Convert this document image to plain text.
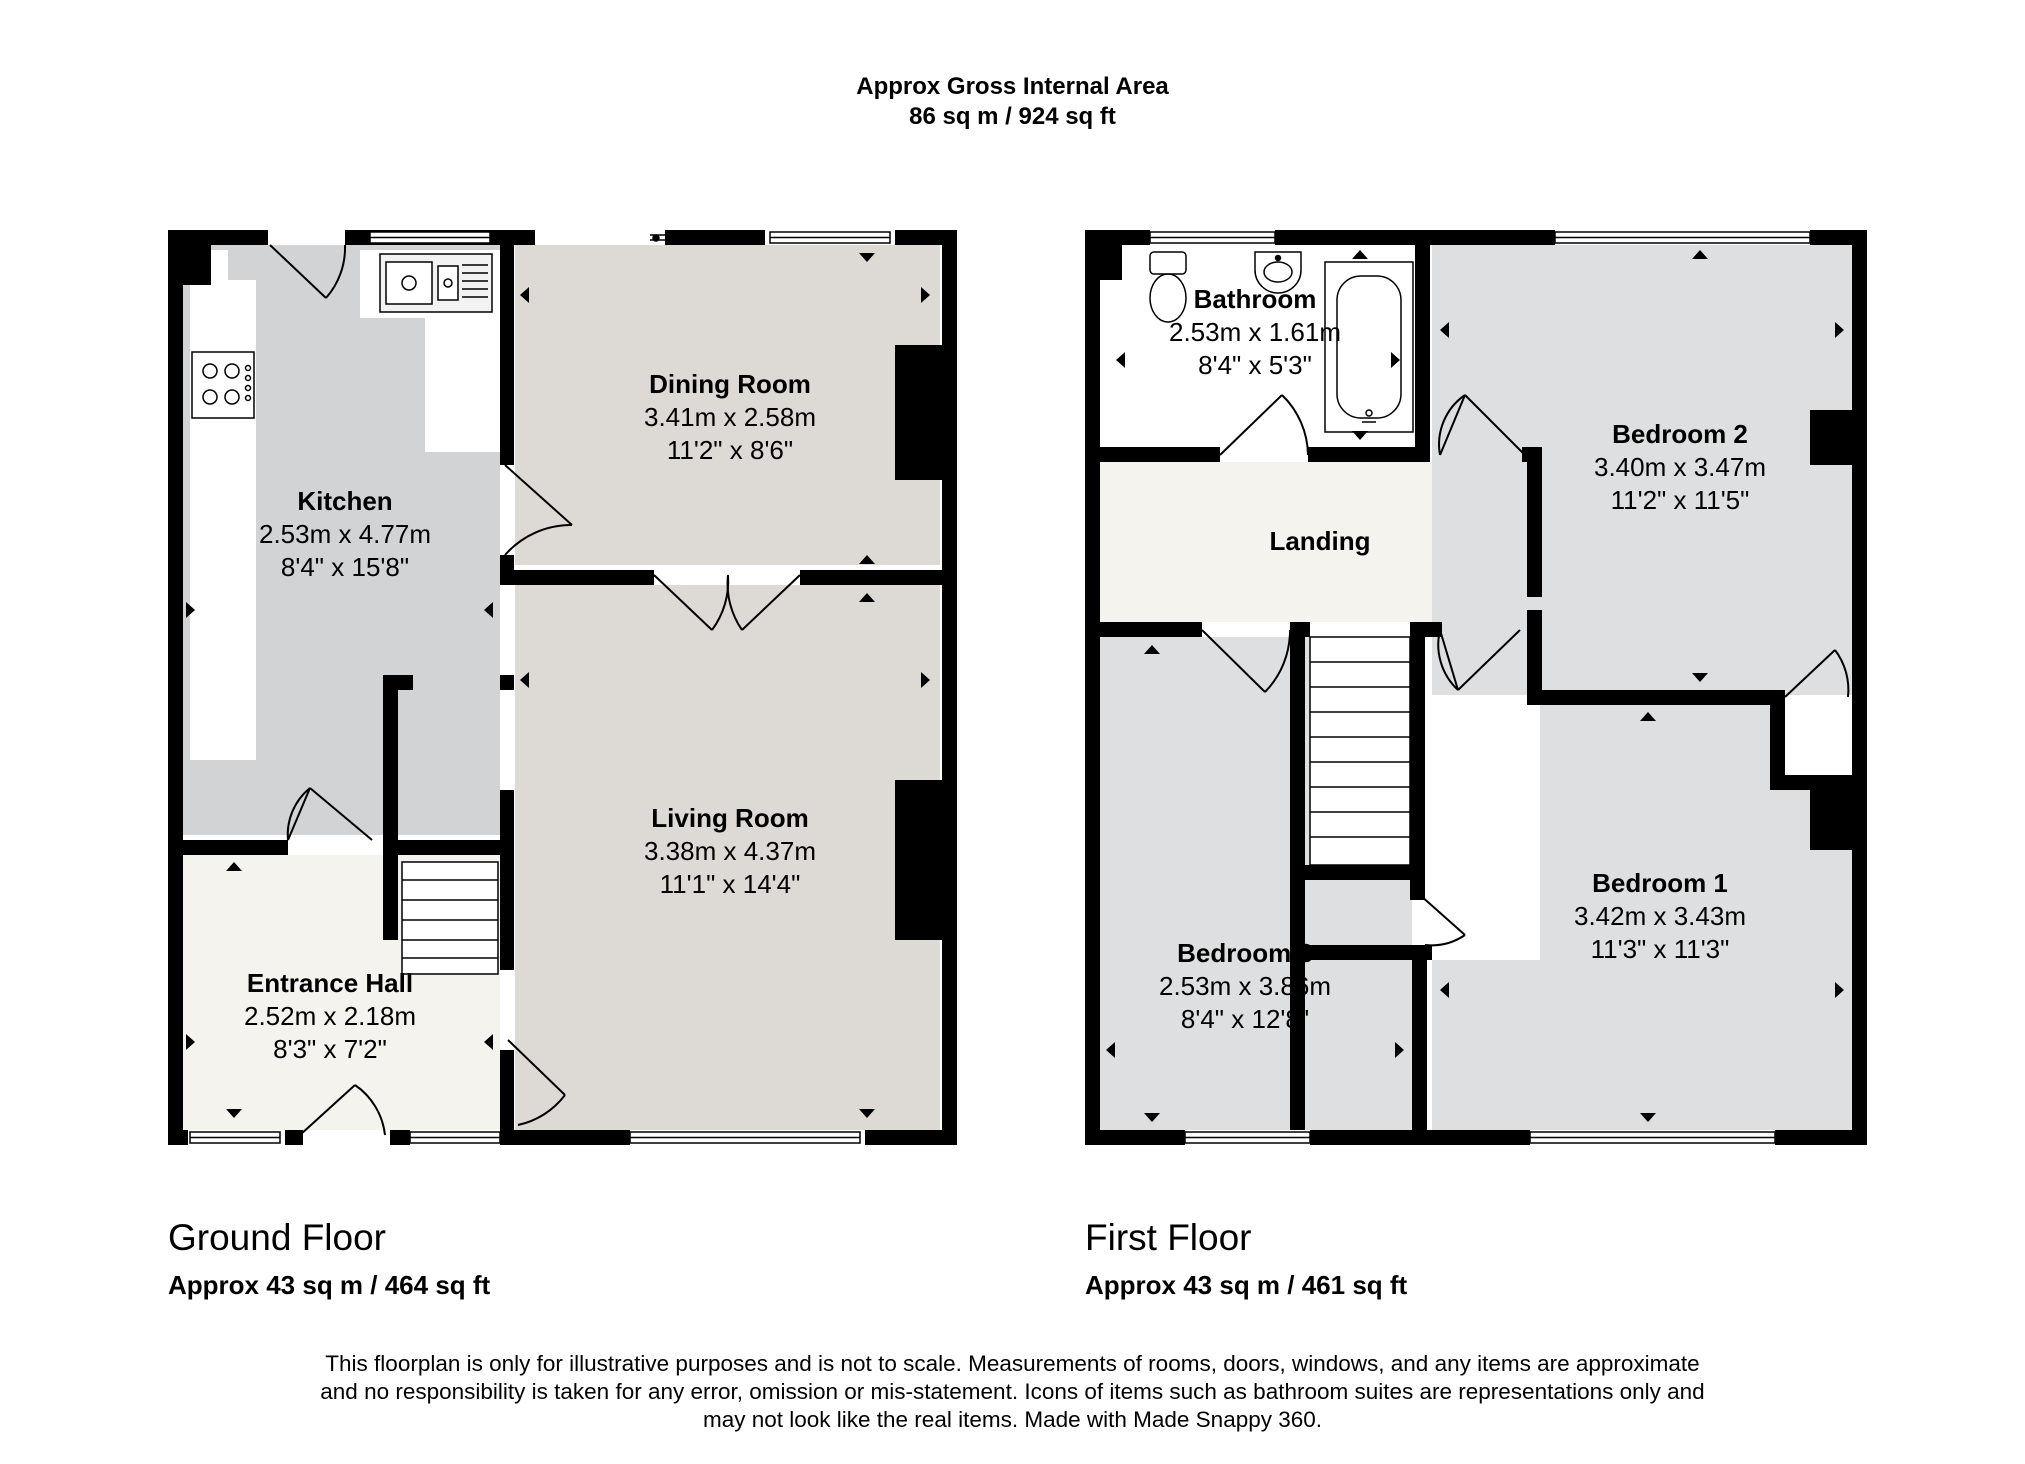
Approx Gross Internal Area
86 sq m / 924 sq ft
Kitchen
2.53m x 4.77m
8'4" x 15'8"
Dining Room
3.41m x 2.58m
11'2" x 8'6"
Living Room
3.38m x 4.37m
11'1" x 14'4"
Entrance Hall
2.52m x 2.18m
8'3" x 7'2"
Bathroom
2.53m x 1.61m
8'4" x 5'3"
Landing
Bedroom 2
3.40m x 3.47m
11'2" x 11'5"
Bedroom 1
3.42m x 3.43m
11'3" x 11'3"
Bedroom 3
2.53m x 3.86m
8'4" x 12'8"
Ground Floor
Approx 43 sq m / 464 sq ft
First Floor
Approx 43 sq m / 461 sq ft
This floorplan is only for illustrative purposes and is not to scale. Measurements of rooms, doors, windows, and any items are approximate
and no responsibility is taken for any error, omission or mis-statement. Icons of items such as bathroom suites are representations only and
may not look like the real items. Made with Made Snappy 360.
